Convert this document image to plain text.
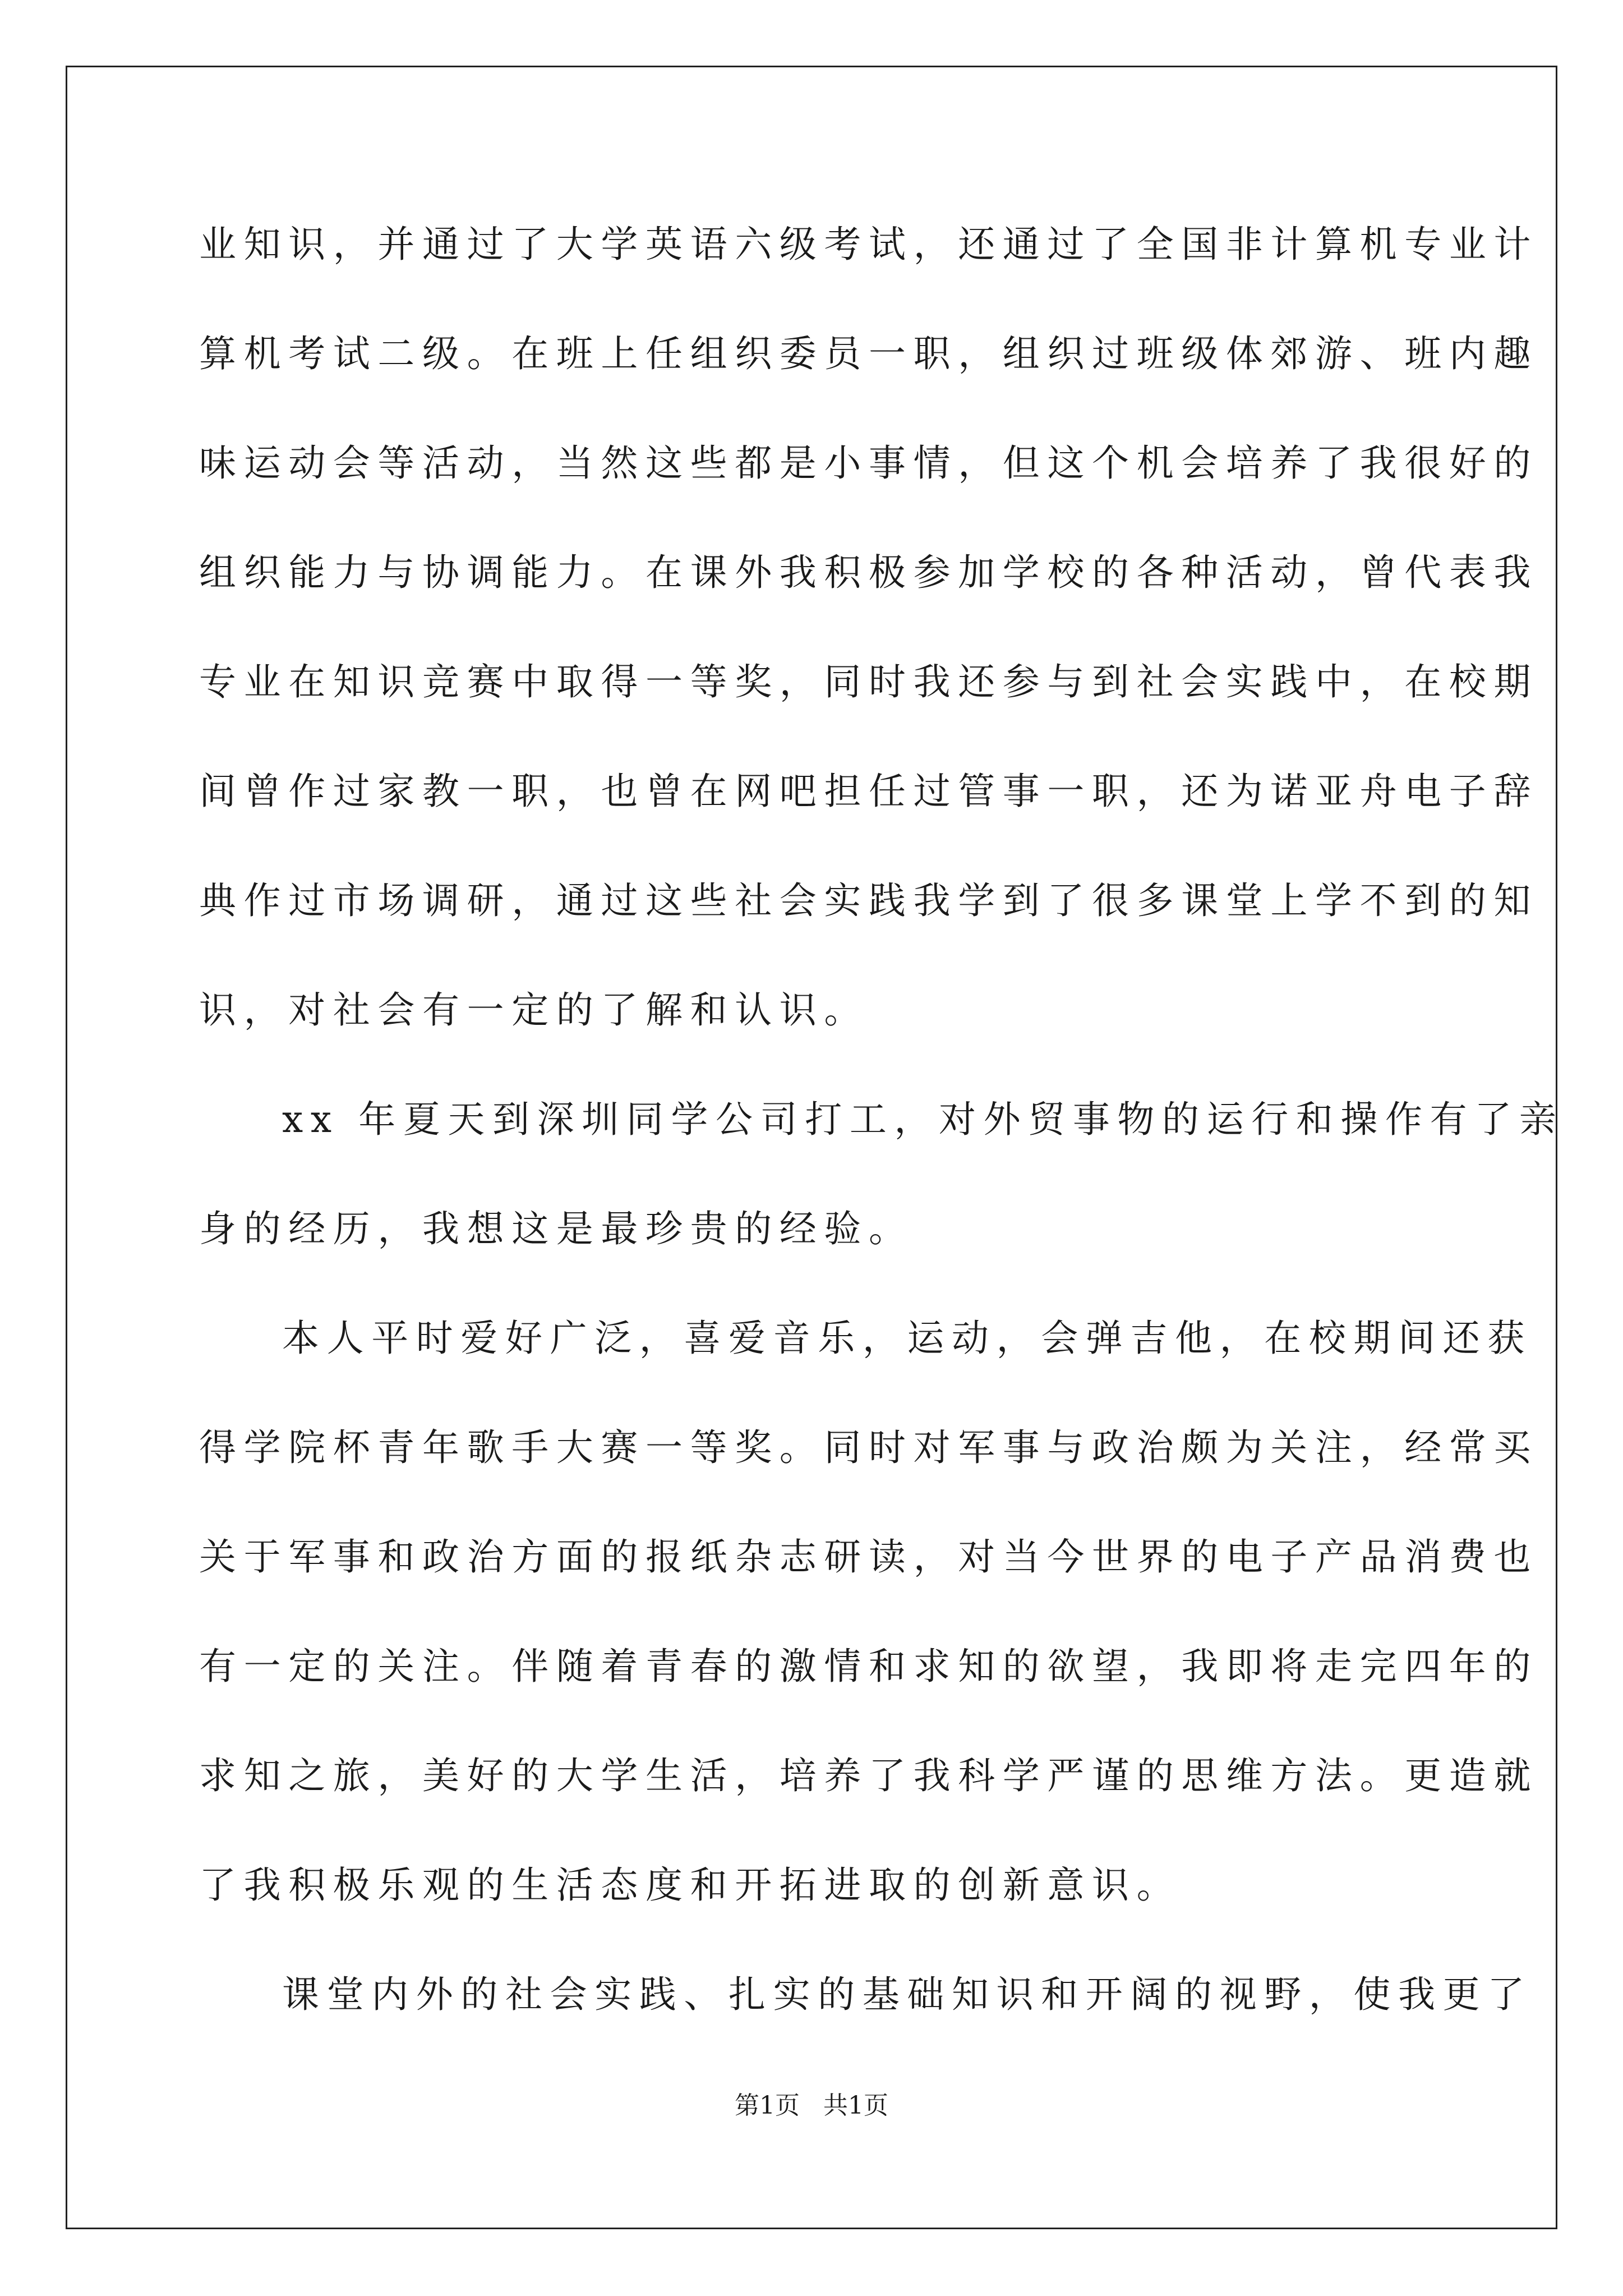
业知识，并通过了大学英语六级考试，还通过了全国非计算机专业计
算机考试二级。在班上任组织委员一职，组织过班级体郊游、班内趣
味运动会等活动，当然这些都是小事情，但这个机会培养了我很好的
组织能力与协调能力。在课外我积极参加学校的各种活动，曾代表我
专业在知识竞赛中取得一等奖，同时我还参与到社会实践中，在校期
间曾作过家教一职，也曾在网吧担任过管事一职，还为诺亚舟电子辞
典作过市场调研，通过这些社会实践我学到了很多课堂上学不到的知
识，对社会有一定的了解和认识。
xx 年夏天到深圳同学公司打工，对外贸事物的运行和操作有了亲
身的经历，我想这是最珍贵的经验。
本人平时爱好广泛，喜爱音乐，运动，会弹吉他，在校期间还获
得学院杯青年歌手大赛一等奖。同时对军事与政治颇为关注，经常买
关于军事和政治方面的报纸杂志研读，对当今世界的电子产品消费也
有一定的关注。伴随着青春的激情和求知的欲望，我即将走完四年的
求知之旅，美好的大学生活，培养了我科学严谨的思维方法。更造就
了我积极乐观的生活态度和开拓进取的创新意识。
课堂内外的社会实践、扎实的基础知识和开阔的视野，使我更了
第1页   共1页
